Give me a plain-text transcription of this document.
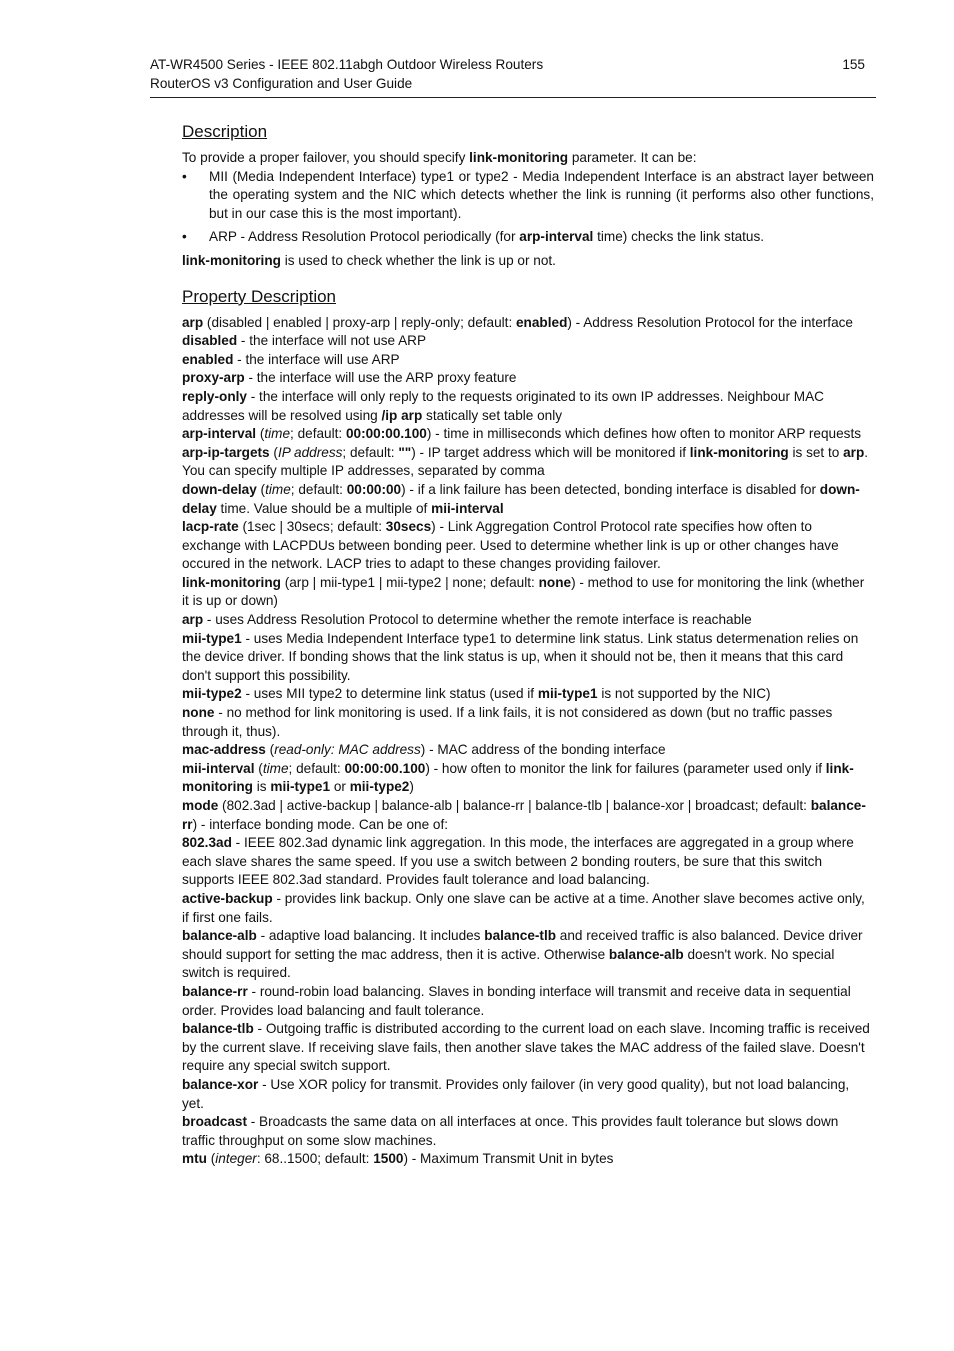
AT-WR4500 Series - IEEE 802.11abgh Outdoor Wireless Routers
RouterOS v3 Configuration and User Guide
155
Description

To provide a proper failover, you should specify link-monitoring parameter. It can be:

• MII (Media Independent Interface) type1 or type2 - Media Independent Interface is an abstract layer between the operating system and the NIC which detects whether the link is running (it performs also other functions, but in our case this is the most important).
• ARP - Address Resolution Protocol periodically (for arp-interval time) checks the link status.

link-monitoring is used to check whether the link is up or not.

Property Description

arp (disabled | enabled | proxy-arp | reply-only; default: enabled) - Address Resolution Protocol for the interface

disabled - the interface will not use ARP

enabled - the interface will use ARP

proxy-arp - the interface will use the ARP proxy feature

reply-only - the interface will only reply to the requests originated to its own IP addresses. Neighbour MAC addresses will be resolved using /ip arp statically set table only

arp-interval (time; default: 00:00:00.100) - time in milliseconds which defines how often to monitor ARP requests

arp-ip-targets (IP address; default: "") - IP target address which will be monitored if link-monitoring is set to arp. You can specify multiple IP addresses, separated by comma

down-delay (time; default: 00:00:00) - if a link failure has been detected, bonding interface is disabled for down-delay time. Value should be a multiple of mii-interval

lacp-rate (1sec | 30secs; default: 30secs) - Link Aggregation Control Protocol rate specifies how often to exchange with LACPDUs between bonding peer. Used to determine whether link is up or other changes have occured in the network. LACP tries to adapt to these changes providing failover.

link-monitoring (arp | mii-type1 | mii-type2 | none; default: none) - method to use for monitoring the link (whether it is up or down)

arp - uses Address Resolution Protocol to determine whether the remote interface is reachable

mii-type1 - uses Media Independent Interface type1 to determine link status. Link status determenation relies on the device driver. If bonding shows that the link status is up, when it should not be, then it means that this card don't support this possibility.

mii-type2 - uses MII type2 to determine link status (used if mii-type1 is not supported by the NIC)

none - no method for link monitoring is used. If a link fails, it is not considered as down (but no traffic passes through it, thus).

mac-address (read-only: MAC address) - MAC address of the bonding interface

mii-interval (time; default: 00:00:00.100) - how often to monitor the link for failures (parameter used only if link-monitoring is mii-type1 or mii-type2)

mode (802.3ad | active-backup | balance-alb | balance-rr | balance-tlb | balance-xor | broadcast; default: balance-rr) - interface bonding mode. Can be one of:

802.3ad - IEEE 802.3ad dynamic link aggregation. In this mode, the interfaces are aggregated in a group where each slave shares the same speed. If you use a switch between 2 bonding routers, be sure that this switch supports IEEE 802.3ad standard. Provides fault tolerance and load balancing.

active-backup - provides link backup. Only one slave can be active at a time. Another slave becomes active only, if first one fails.

balance-alb - adaptive load balancing. It includes balance-tlb and received traffic is also balanced. Device driver should support for setting the mac address, then it is active. Otherwise balance-alb doesn't work. No special switch is required.

balance-rr - round-robin load balancing. Slaves in bonding interface will transmit and receive data in sequential order. Provides load balancing and fault tolerance.

balance-tlb - Outgoing traffic is distributed according to the current load on each slave. Incoming traffic is received by the current slave. If receiving slave fails, then another slave takes the MAC address of the failed slave. Doesn't require any special switch support.

balance-xor - Use XOR policy for transmit. Provides only failover (in very good quality), but not load balancing, yet.

broadcast - Broadcasts the same data on all interfaces at once. This provides fault tolerance but slows down traffic throughput on some slow machines.

mtu (integer: 68..1500; default: 1500) - Maximum Transmit Unit in bytes
